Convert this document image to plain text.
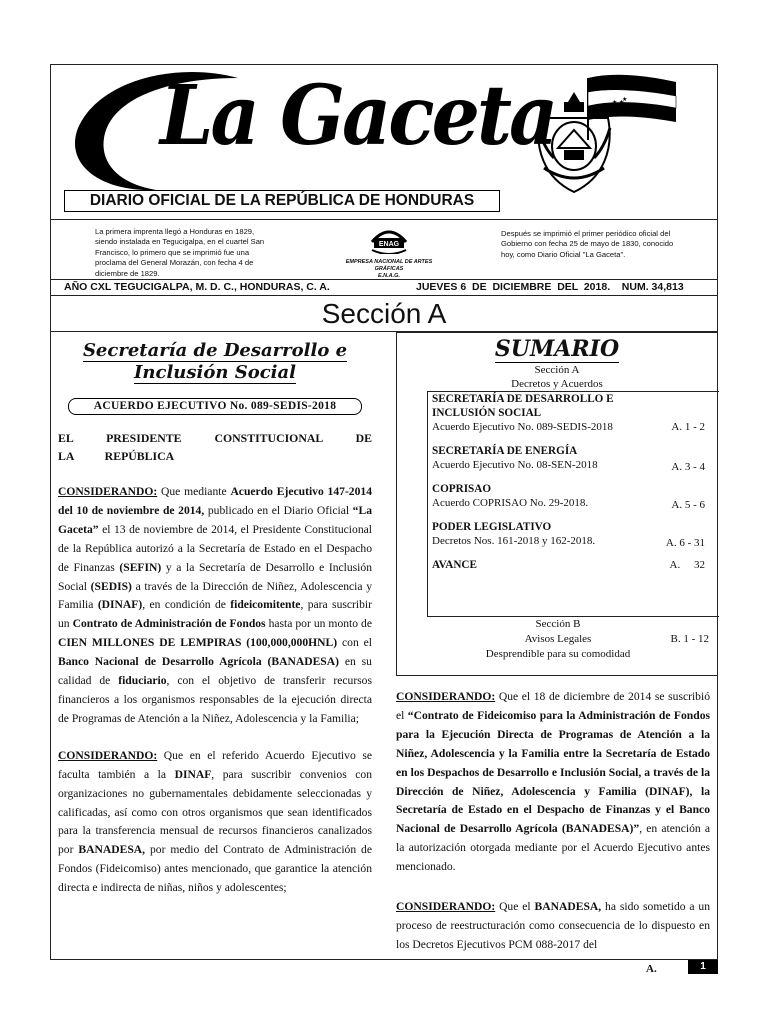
La Gaceta
DIARIO OFICIAL DE LA REPÚBLICA DE HONDURAS
★ ★
★
La primera imprenta llegó a Honduras en 1829, siendo instalada en Tegucigalpa, en el cuartel San Francisco, lo primero que se imprimió fue una proclama del General Morazán, con fecha 4 de diciembre de 1829.
Después se imprimió el primer periódico oficial del Gobierno con fecha 25 de mayo de 1830, conocido hoy, como Diario Oficial "La Gaceta".
ENAG
EMPRESA NACIONAL DE ARTES GRÁFICAS
E.N.A.G.
AÑO CXL TEGUCIGALPA, M. D. C., HONDURAS, C. A.	JUEVES 6  DE  DICIEMBRE  DEL  2018.    NUM. 34,813
Sección A
Secretaría de Desarrollo e Inclusión Social
ACUERDO EJECUTIVO No. 089-SEDIS-2018
EL PRESIDENTE CONSTITUCIONAL DE LA REPÚBLICA

CONSIDERANDO: Que mediante Acuerdo Ejecutivo 147-2014 del 10 de noviembre de 2014, publicado en el Diario Oficial “La Gaceta” el 13 de noviembre de 2014, el Presidente Constitucional de la República autorizó a la Secretaría de Estado en el Despacho de Finanzas (SEFIN) y a la Secretaría de Desarrollo e Inclusión Social (SEDIS) a través de la Dirección de Niñez, Adolescencia y Familia (DINAF), en condición de fideicomitente, para suscribir un Contrato de Administración de Fondos hasta por un monto de CIEN MILLONES DE LEMPIRAS (100,000,000HNL) con el Banco Nacional de Desarrollo Agrícola (BANADESA) en su calidad de fiduciario, con el objetivo de transferir recursos financieros a los organismos responsables de la ejecución directa de Programas de Atención a la Niñez, Adolescencia y la Familia;

CONSIDERANDO: Que en el referido Acuerdo Ejecutivo se faculta también a la DINAF, para suscribir convenios con organizaciones no gubernamentales debidamente seleccionadas y calificadas, así como con otros organismos que sean identificados para la transferencia mensual de recursos financieros canalizados por BANADESA, por medio del Contrato de Administración de Fondos (Fideicomiso) antes mencionado, que garantice la atención directa e indirecta de niñas, niños y adolescentes;

SUMARIO
Sección A
Decretos y Acuerdos
SECRETARÍA DE DESARROLLO E INCLUSIÓN SOCIAL
Acuerdo Ejecutivo No. 089-SEDIS-2018	A. 1 - 2
SECRETARÍA DE ENERGÍA
Acuerdo Ejecutivo No. 08-SEN-2018	A. 3 - 4
COPRISAO
Acuerdo COPRISAO No. 29-2018.	A. 5 - 6
PODER LEGISLATIVO
Decretos Nos. 161-2018 y 162-2018.	A. 6 - 31
AVANCE	A.     32
Sección B
Avisos Legales	B. 1 - 12
Desprendible para su comodidad

CONSIDERANDO: Que el 18 de diciembre de 2014 se suscribió el “Contrato de Fideicomiso para la Administración de Fondos para la Ejecución Directa de Programas de Atención a la Niñez, Adolescencia y la Familia entre la Secretaría de Estado en los Despachos de Desarrollo e Inclusión Social, a través de la Dirección de Niñez, Adolescencia y Familia (DINAF), la Secretaría de Estado en el Despacho de Finanzas y el Banco Nacional de Desarrollo Agrícola (BANADESA)”, en atención a la autorización otorgada mediante por el Acuerdo Ejecutivo antes mencionado.

CONSIDERANDO: Que el BANADESA, ha sido sometido a un proceso de reestructuración como consecuencia de lo dispuesto en los Decretos Ejecutivos PCM 088-2017 del

A.	1
